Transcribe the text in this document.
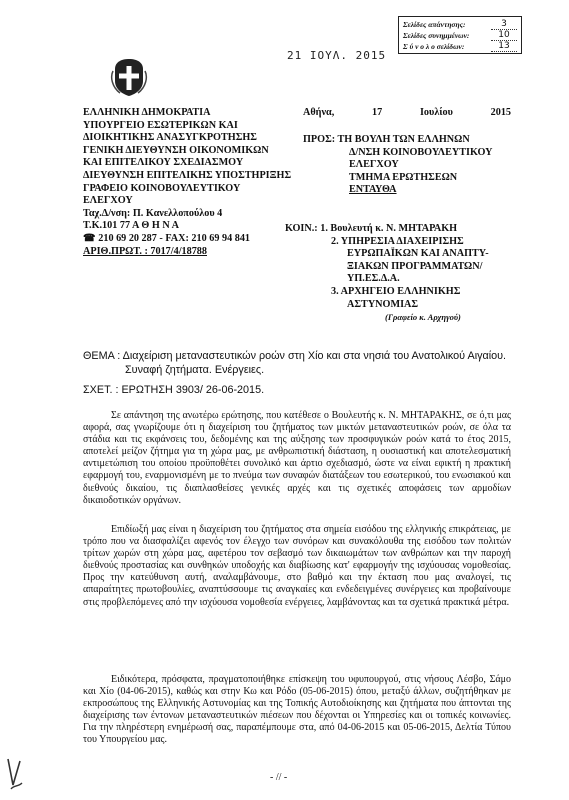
Σελίδες απάντησης:	3
Σελίδες συνημμένων:	10
Σ ύ ν ο λ ο σελίδων:	13
21 ΙΟΥΛ. 2015
ΕΛΛΗΝΙΚΗ ΔΗΜΟΚΡΑΤΙΑ
ΥΠΟΥΡΓΕΙΟ ΕΣΩΤΕΡΙΚΩΝ ΚΑΙ
ΔΙΟΙΚΗΤΙΚΗΣ ΑΝΑΣΥΓΚΡΟΤΗΣΗΣ
ΓΕΝΙΚΗ ΔΙΕΥΘΥΝΣΗ ΟΙΚΟΝΟΜΙΚΩΝ
ΚΑΙ ΕΠΙΤΕΛΙΚΟΥ ΣΧΕΔΙΑΣΜΟΥ
ΔΙΕΥΘΥΝΣΗ ΕΠΙΤΕΛΙΚΗΣ ΥΠΟΣΤΗΡΙΞΗΣ
ΓΡΑΦΕΙΟ ΚΟΙΝΟΒΟΥΛΕΥΤΙΚΟΥ
ΕΛΕΓΧΟΥ
Ταχ.Δ/νση: Π. Κανελλοπούλου 4
Τ.Κ.101 77 Α Θ Η Ν Α
☎ 210 69 20 287 - FAX: 210 69 94 841
ΑΡΙΘ.ΠΡΩΤ. : 7017/4/18788
Αθήνα,	17	Ιουλίου	2015
ΠΡΟΣ: ΤΗ ΒΟΥΛΗ ΤΩΝ ΕΛΛΗΝΩΝ
Δ/ΝΣΗ ΚΟΙΝΟΒΟΥΛΕΥΤΙΚΟΥ
ΕΛΕΓΧΟΥ
ΤΜΗΜΑ ΕΡΩΤΗΣΕΩΝ
ΕΝΤΑΥΘΑ
ΚΟΙΝ.: 1. Βουλευτή κ. Ν. ΜΗΤΑΡΑΚΗ
2. ΥΠΗΡΕΣΙΑ ΔΙΑΧΕΙΡΙΣΗΣ
ΕΥΡΩΠΑΪΚΩΝ ΚΑΙ ΑΝΑΠΤΥ-
ΞΙΑΚΩΝ ΠΡΟΓΡΑΜΜΑΤΩΝ/
ΥΠ.ΕΣ.Δ.Α.
3. ΑΡΧΗΓΕΙΟ ΕΛΛΗΝΙΚΗΣ
ΑΣΤΥΝΟΜΙΑΣ
(Γραφείο κ. Αρχηγού)
ΘΕΜΑ : Διαχείριση μεταναστευτικών ροών στη Χίο και στα νησιά του Ανατολικού Αιγαίου.
Συναφή ζητήματα. Ενέργειες.
ΣΧΕΤ. : ΕΡΩΤΗΣΗ 3903/ 26-06-2015.
Σε απάντηση της ανωτέρω ερώτησης, που κατέθεσε ο Βουλευτής κ. Ν. ΜΗΤΑΡΑΚΗΣ, σε ό,τι μας αφορά, σας γνωρίζουμε ότι η διαχείριση του ζητήματος των μικτών μεταναστευτικών ροών, σε όλα τα στάδια και τις εκφάνσεις του, δεδομένης και της αύξησης των προσφυγικών ροών κατά το έτος 2015, αποτελεί μείζον ζήτημα για τη χώρα μας, με ανθρωπιστική διάσταση, η ουσιαστική και αποτελεσματική αντιμετώπιση του οποίου προϋποθέτει συνολικό και άρτιο σχεδιασμό, ώστε να είναι εφικτή η πρακτική εφαρμογή του, εναρμονισμένη με το πνεύμα των συναφών διατάξεων του εσωτερικού, του ενωσιακού και διεθνούς δικαίου, τις διαπλασθείσες γενικές αρχές και τις σχετικές αποφάσεις των αρμοδίων δικαιοδοτικών οργάνων.
Επιδίωξή μας είναι η διαχείριση του ζητήματος στα σημεία εισόδου της ελληνικής επικράτειας, με τρόπο που να διασφαλίζει αφενός τον έλεγχο των συνόρων και συνακόλουθα της εισόδου των πολιτών τρίτων χωρών στη χώρα μας, αφετέρου τον σεβασμό των δικαιωμάτων των ανθρώπων και την παροχή διεθνούς προστασίας και συνθηκών υποδοχής και διαβίωσης κατ' εφαρμογήν της ισχύουσας νομοθεσίας. Προς την κατεύθυνση αυτή, αναλαμβάνουμε, στο βαθμό και την έκταση που μας αναλογεί, τις απαραίτητες πρωτοβουλίες, αναπτύσσουμε τις αναγκαίες και ενδεδειγμένες συνέργειες και προβαίνουμε στις προβλεπόμενες από την ισχύουσα νομοθεσία ενέργειες, λαμβάνοντας και τα σχετικά πρακτικά μέτρα.
Ειδικότερα, πρόσφατα, πραγματοποιήθηκε επίσκεψη του υφυπουργού, στις νήσους Λέσβο, Σάμο και Χίο (04-06-2015), καθώς και στην Κω και Ρόδο (05-06-2015) όπου, μεταξύ άλλων, συζητήθηκαν με εκπροσώπους της Ελληνικής Αστυνομίας και της Τοπικής Αυτοδιοίκησης και ζητήματα που άπτονται της διαχείρισης των έντονων μεταναστευτικών πιέσεων που δέχονται οι Υπηρεσίες και οι τοπικές κοινωνίες. Για την πληρέστερη ενημέρωσή σας, παραπέμπουμε στα, από 04-06-2015 και 05-06-2015, Δελτία Τύπου του Υπουργείου μας.
- // -
